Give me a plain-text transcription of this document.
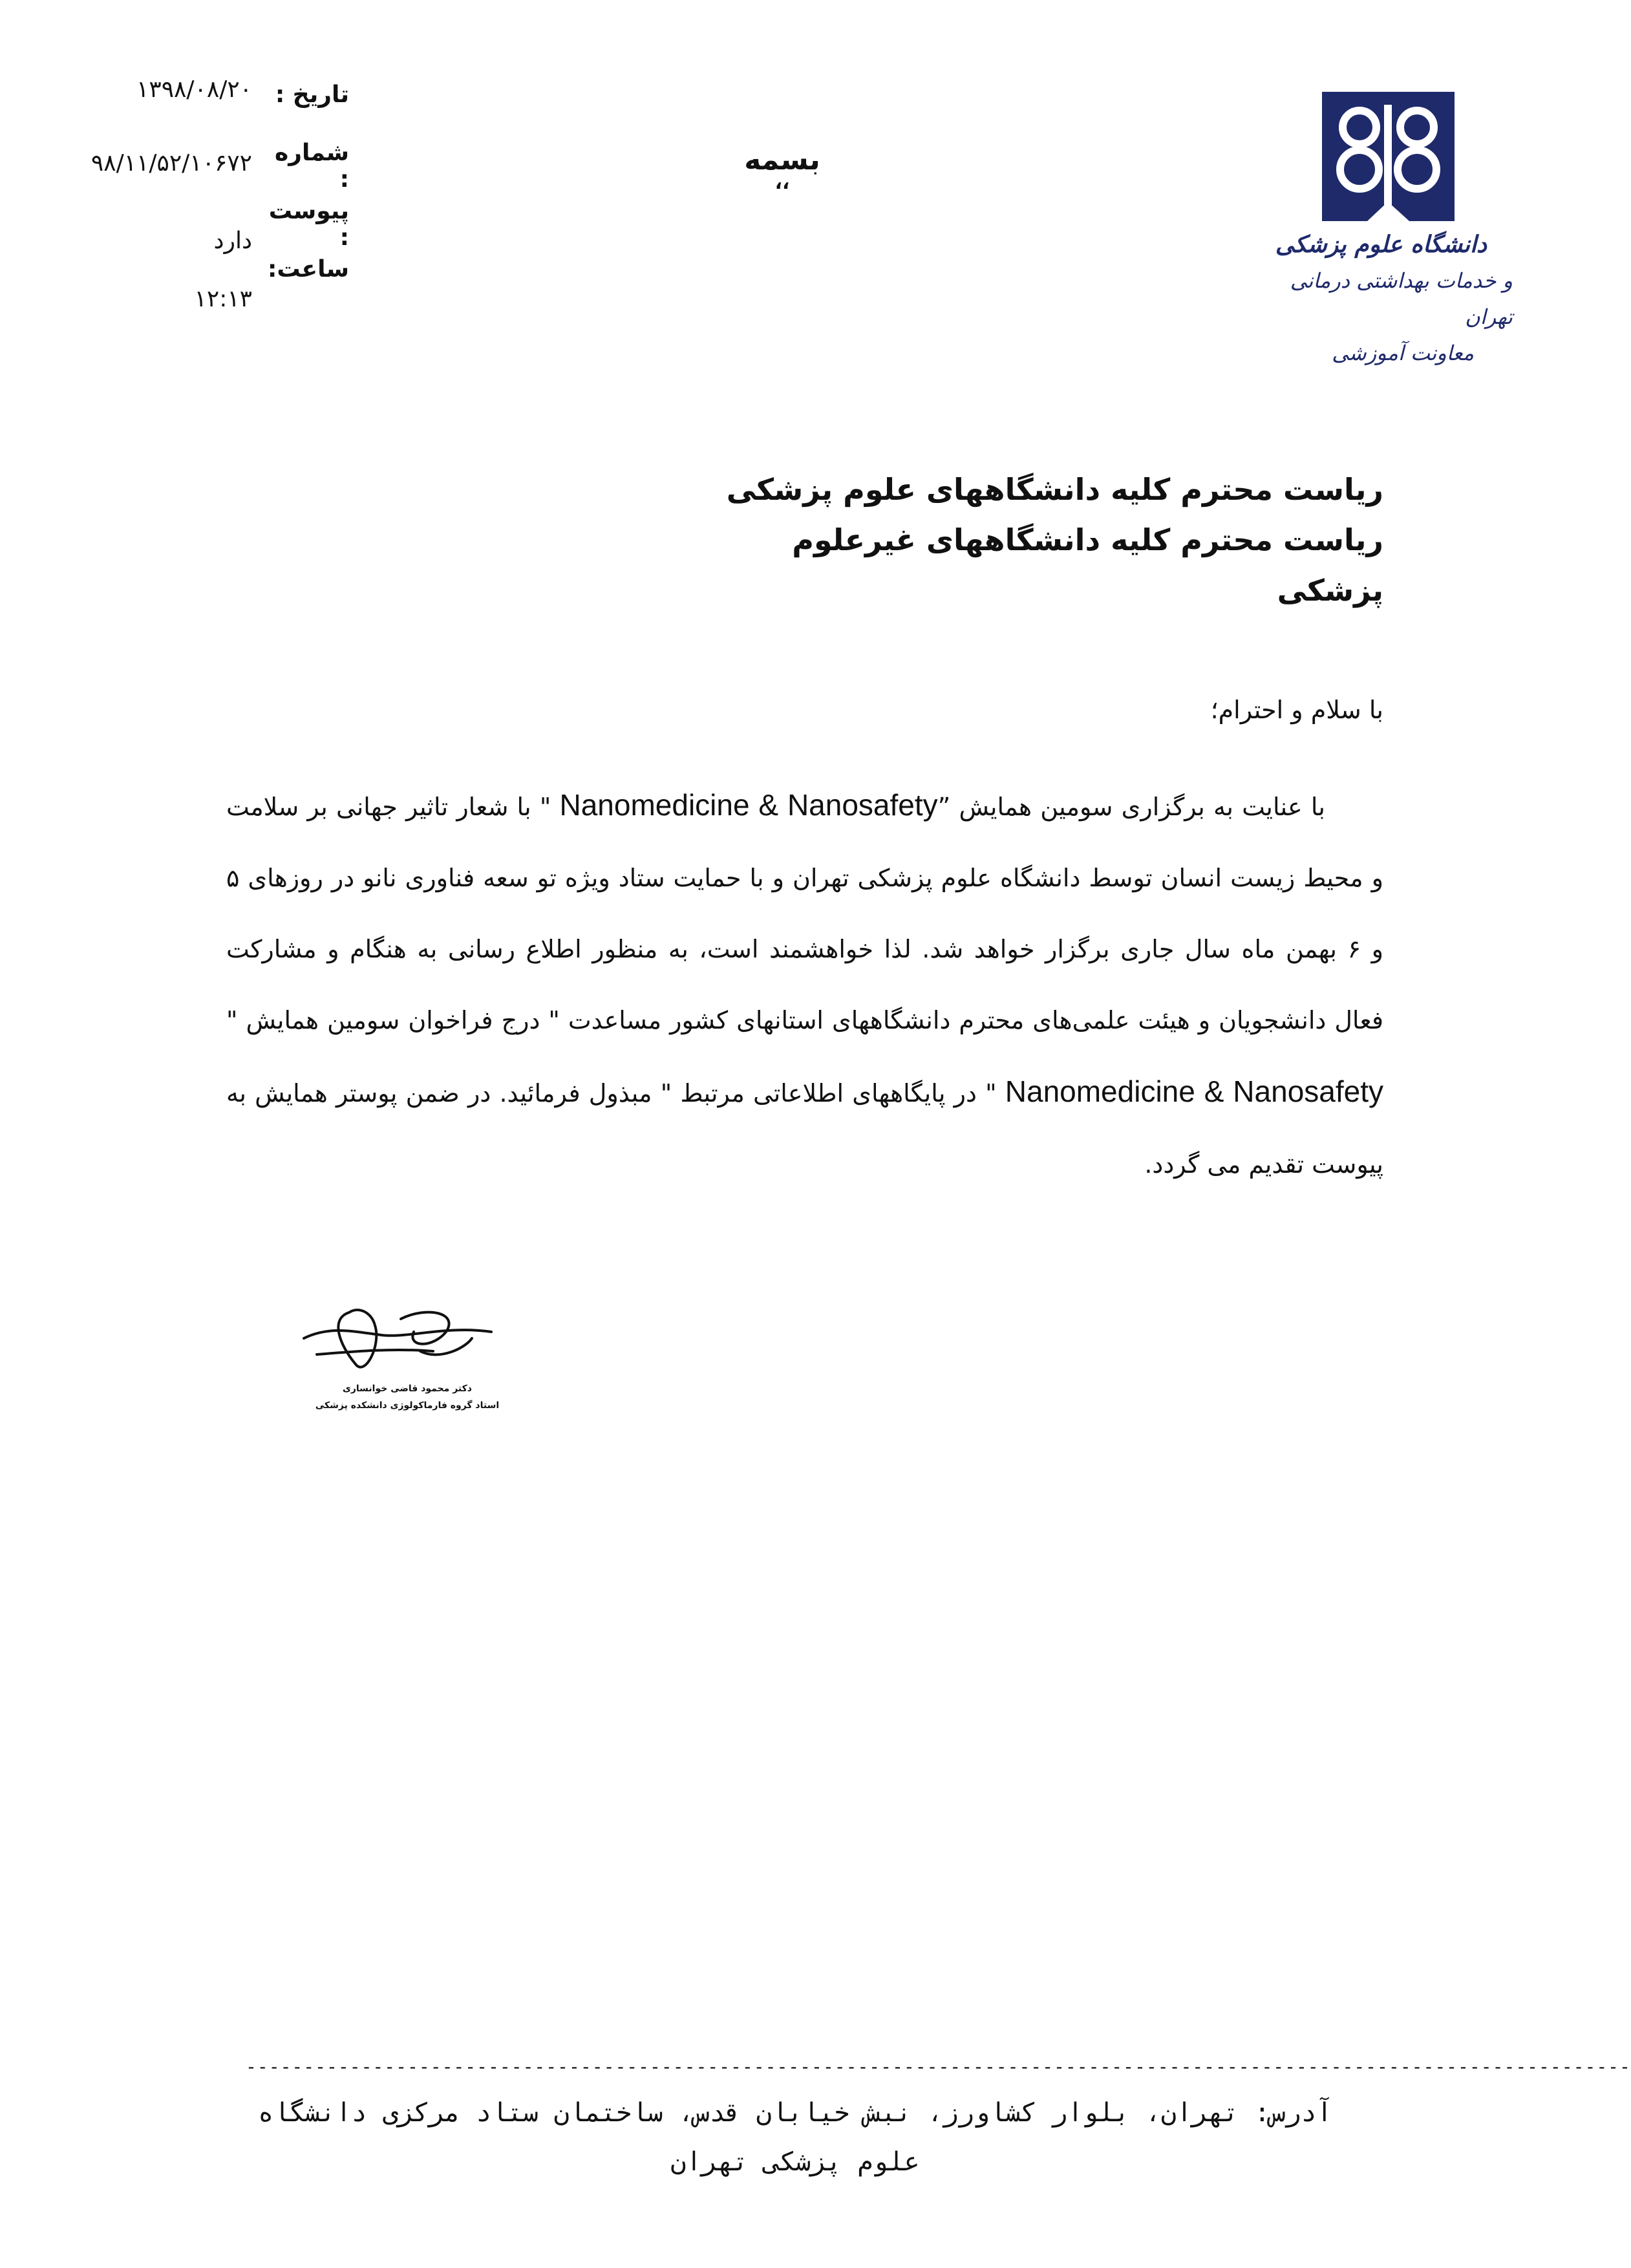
تاریخ :
۱۳۹۸/۰۸/۲۰
شماره :
۹۸/۱۱/۵۲/۱۰۶۷۲
پیوست :
دارد
ساعت:
۱۲:۱۳
بسمه
،،
دانشگاه علوم پزشکی
و خدمات بهداشتی درمانی تهران
معاونت آموزشی
ریاست محترم کلیه دانشگاههای علوم پزشکی
ریاست محترم کلیه دانشگاههای غیرعلوم پزشکی
با سلام و احترام؛
با عنایت به برگزاری سومین همایش ”Nanomedicine & Nanosafety " با شعار تاثیر جهانی بر سلامت و محیط زیست انسان توسط دانشگاه علوم پزشکی تهران و با حمایت ستاد ویژه تو سعه فناوری نانو در روزهای ۵ و ۶ بهمن ماه سال جاری برگزار خواهد شد. لذا خواهشمند است، به منظور اطلاع رسانی به هنگام و مشارکت فعال دانشجویان و هیئت علمی‌های محترم دانشگاههای استانهای کشور مساعدت " درج فراخوان سومین همایش " Nanomedicine & Nanosafety " در پایگاههای اطلاعاتی مرتبط " مبذول فرمائید. در ضمن پوستر همایش به پیوست تقدیم می گردد.
دکتر محمود قاضی خوانساری
استاد گروه فارماکولوژی دانشکده پزشکی
------------------------------------------------------------------------------------------------------------------------
آدرس: تهران، بلوار کشاورز، نبش خیابان قدس، ساختمان ستاد مرکزی دانشگاه
علوم پزشکی تهران
